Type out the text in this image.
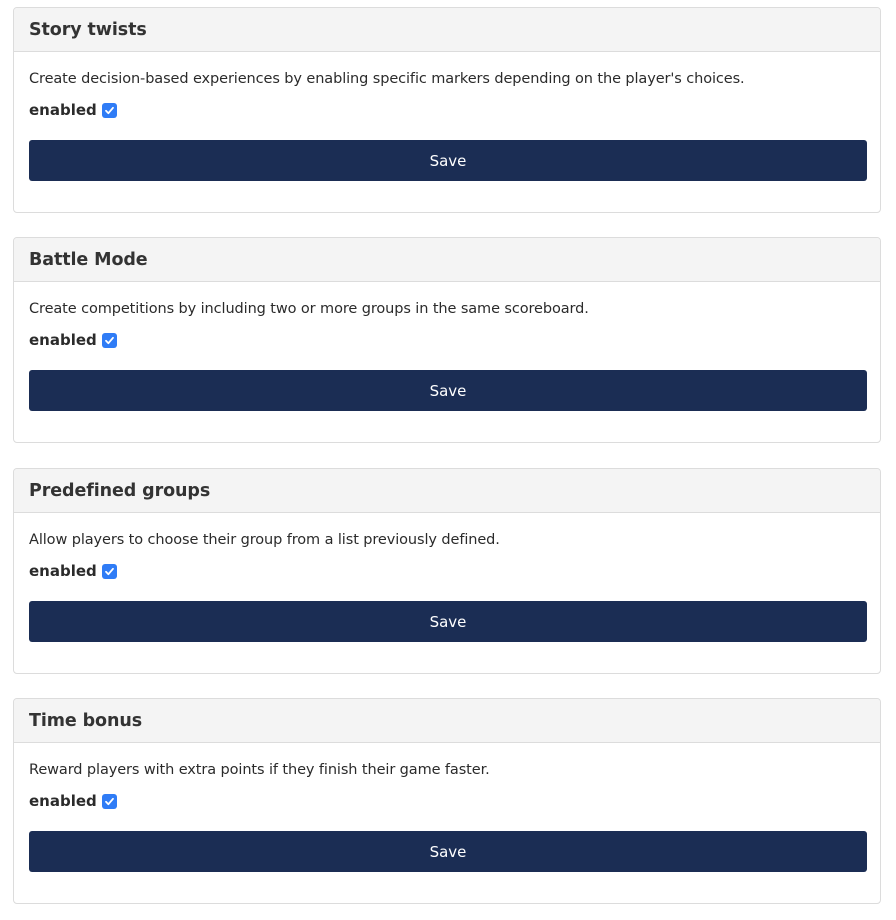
Story twists

Create decision-based experiences by enabling specific markers depending on the player's choices.

enabled
Save
Battle Mode

Create competitions by including two or more groups in the same scoreboard.

enabled
Save
Predefined groups

Allow players to choose their group from a list previously defined.

enabled
Save
Time bonus

Reward players with extra points if they finish their game faster.

enabled
Save
